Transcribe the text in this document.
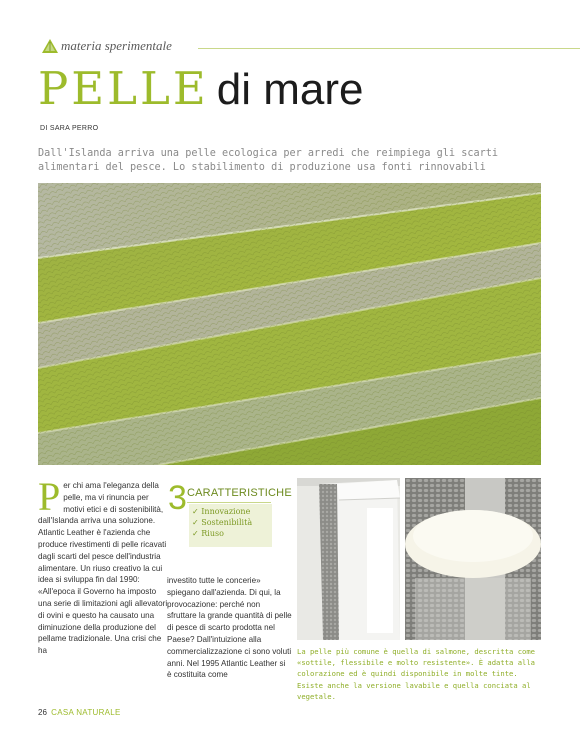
materia sperimentale
PELLE di mare
DI SARA PERRO
Dall'Islanda arriva una pelle ecologica per arredi che reimpiega gli scarti alimentari del pesce. Lo stabilimento di produzione usa fonti rinnovabili
Per chi ama l'eleganza della pelle, ma vi rinuncia per motivi etici e di sostenibilità, dall'Islanda arriva una soluzione. Atlantic Leather è l'azienda che produce rivestimenti di pelle ricavati dagli scarti del pesce dell'industria alimentare. Un riuso creativo la cui idea si sviluppa fin dal 1990: «All'epoca il Governo ha imposto una serie di limitazioni agli allevatori di ovini e questo ha causato una diminuzione della produzione del pellame tradizionale. Una crisi che ha
3 CARATTERISTICHE
✓ Innovazione
✓ Sostenibilità
✓ Riuso
investito tutte le concerie» spiegano dall'azienda. Di qui, la provocazione: perché non sfruttare la grande quantità di pelle di pesce di scarto prodotta nel Paese? Dall'intuizione alla commercializzazione ci sono voluti anni. Nel 1995 Atlantic Leather si è costituita come
La pelle più comune è quella di salmone, descritta come «sottile, flessibile e molto resistente». È adatta alla colorazione ed è quindi disponibile in molte tinte. Esiste anche la versione lavabile e quella conciata al vegetale.
26 CASA NATURALE
